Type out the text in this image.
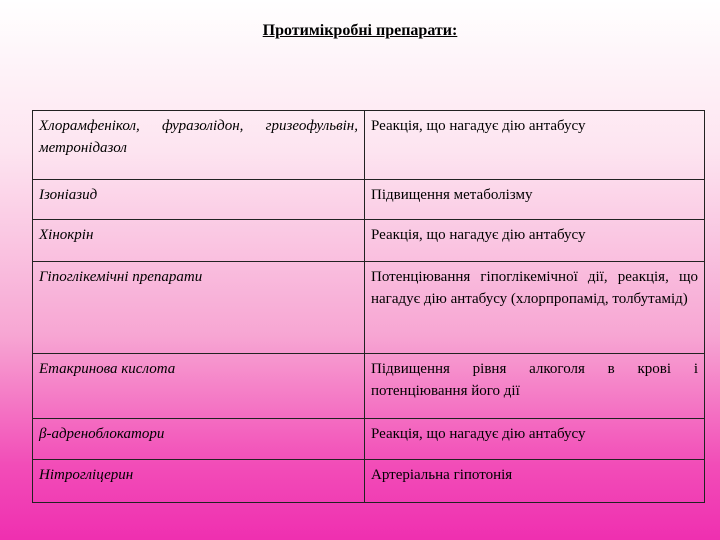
Протимікробні препарати:
Хлорамфенікол, фуразолідон, гризеофульвін, метронідазол	Реакція, що нагадує дію антабусу
Ізоніазид	Підвищення метаболізму
Хінокрін	Реакція, що нагадує дію антабусу
Гіпоглікемічні препарати	Потенціювання гіпоглікемічної дії, реакція, що нагадує дію антабусу (хлорпропамід, толбутамід)
Етакринова кислота	Підвищення рівня алкоголя в крові і потенціювання його дії
β-адреноблокатори	Реакція, що нагадує дію антабусу
Нітрогліцерин	Артеріальна гіпотонія
